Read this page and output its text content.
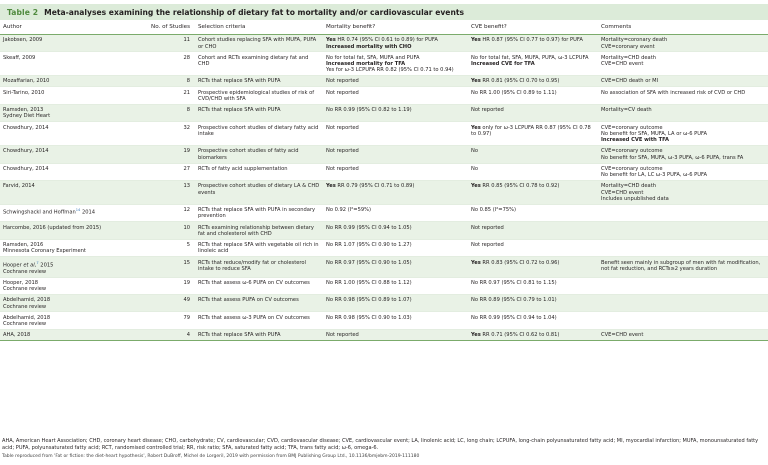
Table 2 Meta-analyses examining the relationship of dietary fat to mortality and/or cardiovascular events
Author	No. of Studies	Selection criteria	Mortality benefit?	CVE benefit?	Comments
Jakobsen, 2009	11	Cohort studies replacing SFA with MUFA, PUFA or CHO	Yes HR 0.74 (95% CI 0.61 to 0.89) for PUFA
Increased mortality with CHO	Yes HR 0.87 (95% CI 0.77 to 0.97) for PUFA	Mortality=coronary death
CVE=coronary event

Skeaff, 2009	28	Cohort and RCTs examining dietary fat and CHD	No for total fat, SFA, MUFA and PUFA
Increased mortality for TFA
Yes for ω-3 LCPUFA RR 0.82 (95% CI 0.71 to 0.94)	No for total fat, SFA, MUFA, PUFA, ω-3 LCPUFA
Increased CVE for TFA	Mortality=CHD death
CVE=CHD event

Mozaffarian, 2010	8	RCTs that replace SFA with PUFA	Not reported	Yes RR 0.81 (95% CI 0.70 to 0.95)	CVE=CHD death or MI

Siri-Tarino, 2010	21	Prospective epidemiological studies of risk of CVD/CHD with SFA	Not reported	No RR 1.00 (95% CI 0.89 to 1.11)	No association of SFA with increased risk of CVD or CHD

Ramsden, 2013
Sydney Diet Heart	8	RCTs that replace SFA with PUFA	No RR 0.99 (95% CI 0.82 to 1.19)	Not reported	Mortality=CV death

Chowdhury, 2014	32	Prospective cohort studies of dietary fatty acid intake	Not reported	Yes only for ω-3 LCPUFA RR 0.87 (95% CI 0.78 to 0.97)	CVE=coronary outcome
No benefit for SFA, MUFA, LA or ω-6 PUFA
Increased CVE with TFA

Chowdhury, 2014	19	Prospective cohort studies of fatty acid biomarkers	Not reported	No	CVE=coronary outcome
No benefit for SFA, MUFA, ω-3 PUFA, ω-6 PUFA, trans FA

Chowdhury, 2014	27	RCTs of fatty acid supplementation	Not reported	No	CVE=coronary outcome
No benefit for LA, LC ω-3 PUFA, ω-6 PUFA

Farvid, 2014	13	Prospective cohort studies of dietary LA & CHD events	Yes RR 0.79 (95% CI 0.71 to 0.89)	Yes RR 0.85 (95% CI 0.78 to 0.92)	Mortality=CHD death
CVE=CHD event
Includes unpublished data

Schwingshackl and Hoffman$^{14}$ 2014	12	RCTs that replace SFA with PUFA in secondary prevention	No 0.92 (I²=59%)	No 0.85 (I²=75%)	
Harcombe, 2016 (updated from 2015)	10	RCTs examining relationship between dietary fat and cholesterol with CHD	No RR 0.99 (95% CI 0.94 to 1.05)	Not reported	
Ramsden, 2016
Minnesota Coronary Experiment	5	RCTs that replace SFA with vegetable oil rich in linoleic acid	No RR 1.07 (95% CI 0.90 to 1.27)	Not reported	
Hooper et al,$^7$ 2015
Cochrane review	15	RCTs that reduce/modify fat or cholesterol intake to reduce SFA	No RR 0.97 (95% CI 0.90 to 1.05)	Yes RR 0.83 (95% CI 0.72 to 0.96)	Benefit seen mainly in subgroup of men with fat modification, not fat reduction, and RCTs≥2 years duration

Hooper, 2018
Cochrane review	19	RCTs that assess ω-6 PUFA on CV outcomes	No RR 1.00 (95% CI 0.88 to 1.12)	No RR 0.97 (95% CI 0.81 to 1.15)	
Abdelhamid, 2018
Cochrane review	49	RCTs that assess PUFA on CV outcomes	No RR 0.98 (95% CI 0.89 to 1.07)	No RR 0.89 (95% CI 0.79 to 1.01)	
Abdelhamid, 2018
Cochrane review	79	RCTs that assess ω-3 PUFA on CV outcomes	No RR 0.98 (95% CI 0.90 to 1.03)	No RR 0.99 (95% CI 0.94 to 1.04)	
AHA, 2018	4	RCTs that replace SFA with PUFA	Not reported	Yes RR 0.71 (95% CI 0.62 to 0.81)	CVE=CHD event
AHA, American Heart Association; CHD, coronary heart disease; CHO, carbohydrate; CV, cardiovascular; CVD, cardiovascular disease; CVE, cardiovascular event; LA, linolenic acid; LC, long chain; LCPUFA, long-chain polyunsaturated fatty acid; MI, myocardial infarction; MUFA, monounsaturated fatty acid; PUFA, polyunsaturated fatty acid; RCT, randomised controlled trial; RR, risk ratio; SFA, saturated fatty acid; TFA, trans fatty acid; ω-6, omega-6.
Table reproduced from 'Fat or fiction: the diet-heart hypothesis', Robert DuBroff, Michel de Lorgeril, 2019 with permission from BMJ Publishing Group Ltd., 10.1136/bmjebm-2019-111180
